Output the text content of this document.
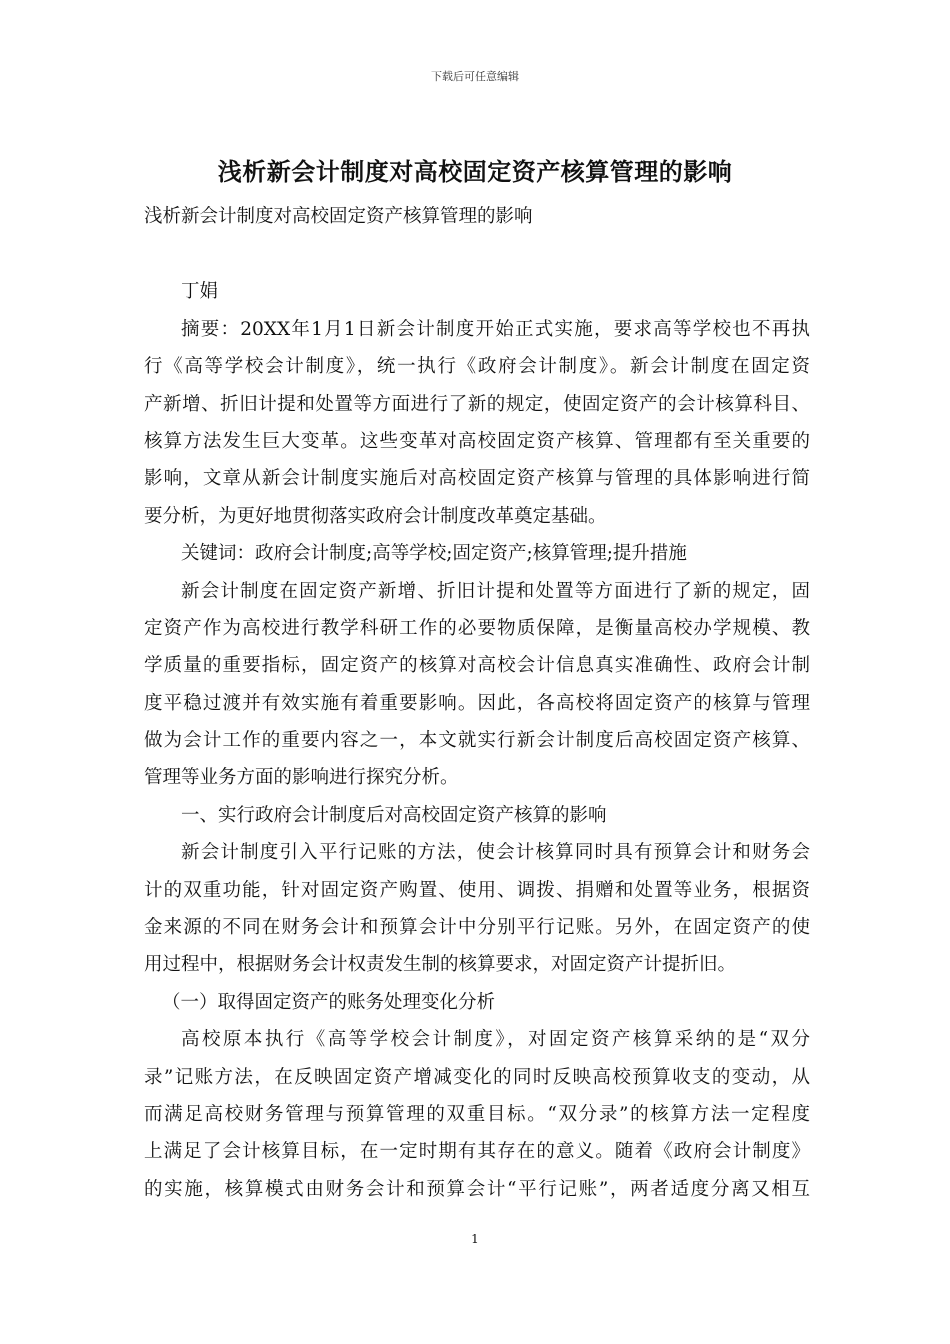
下载后可任意编辑
浅析新会计制度对高校固定资产核算管理的影响
浅析新会计制度对高校固定资产核算管理的影响
丁娟
摘要：20XX年1月1日新会计制度开始正式实施，要求高等学校也不再执
行《高等学校会计制度》，统一执行《政府会计制度》。新会计制度在固定资
产新增、折旧计提和处置等方面进行了新的规定，使固定资产的会计核算科目、
核算方法发生巨大变革。这些变革对高校固定资产核算、管理都有至关重要的
影响，文章从新会计制度实施后对高校固定资产核算与管理的具体影响进行简
要分析，为更好地贯彻落实政府会计制度改革奠定基础。
关键词：政府会计制度;高等学校;固定资产;核算管理;提升措施
新会计制度在固定资产新增、折旧计提和处置等方面进行了新的规定，固
定资产作为高校进行教学科研工作的必要物质保障，是衡量高校办学规模、教
学质量的重要指标，固定资产的核算对高校会计信息真实准确性、政府会计制
度平稳过渡并有效实施有着重要影响。因此，各高校将固定资产的核算与管理
做为会计工作的重要内容之一，本文就实行新会计制度后高校固定资产核算、
管理等业务方面的影响进行探究分析。
一、实行政府会计制度后对高校固定资产核算的影响
新会计制度引入平行记账的方法，使会计核算同时具有预算会计和财务会
计的双重功能，针对固定资产购置、使用、调拨、捐赠和处置等业务，根据资
金来源的不同在财务会计和预算会计中分别平行记账。另外，在固定资产的使
用过程中，根据财务会计权责发生制的核算要求，对固定资产计提折旧。
（一）取得固定资产的账务处理变化分析
高校原本执行《高等学校会计制度》，对固定资产核算采纳的是“双分
录”记账方法，在反映固定资产增减变化的同时反映高校预算收支的变动，从
而满足高校财务管理与预算管理的双重目标。“双分录”的核算方法一定程度
上满足了会计核算目标，在一定时期有其存在的意义。随着《政府会计制度》
的实施，核算模式由财务会计和预算会计“平行记账”，两者适度分离又相互
1
